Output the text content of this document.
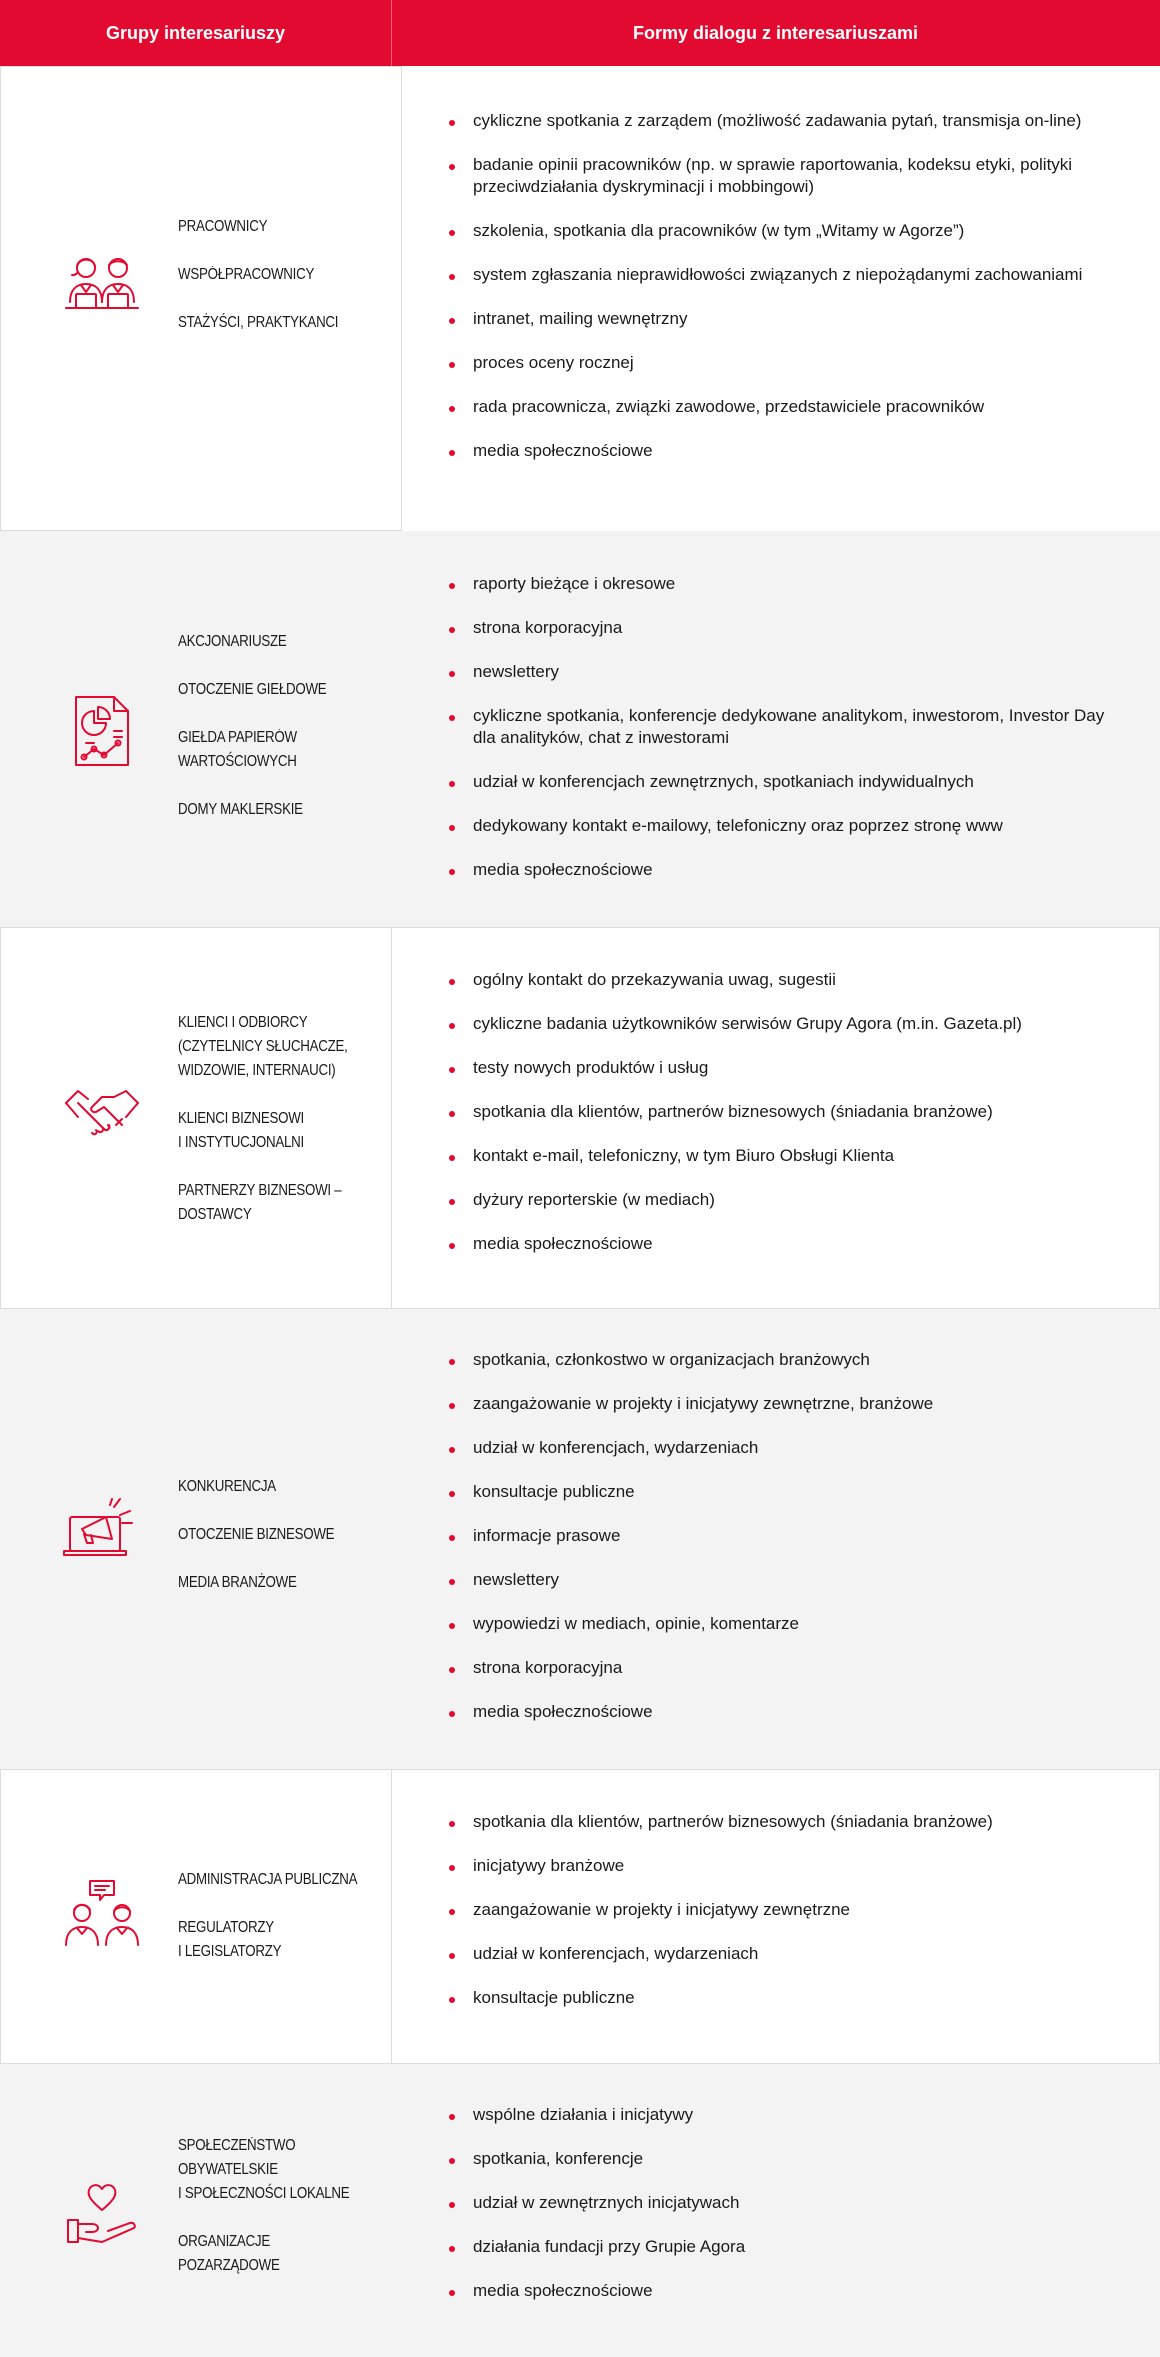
Grupy interesariuszy	Formy dialogu z interesariuszami
PRACOWNICY
WSPÓŁPRACOWNICY
STAŻYŚCI, PRAKTYKANCI
cykliczne spotkania z zarządem (możliwość zadawania pytań, transmisja on-line)
badanie opinii pracowników (np. w sprawie raportowania, kodeksu etyki, polityki przeciwdziałania dyskryminacji i mobbingowi)
szkolenia, spotkania dla pracowników (w tym „Witamy w Agorze”)
system zgłaszania nieprawidłowości związanych z niepożądanymi zachowaniami
intranet, mailing wewnętrzny
proces oceny rocznej
rada pracownicza, związki zawodowe, przedstawiciele pracowników
media społecznościowe
AKCJONARIUSZE
OTOCZENIE GIEŁDOWE
GIEŁDA PAPIERÓW
WARTOŚCIOWYCH
DOMY MAKLERSKIE
raporty bieżące i okresowe
strona korporacyjna
newslettery
cykliczne spotkania, konferencje dedykowane analitykom, inwestorom, Investor Day dla analityków, chat z inwestorami
udział w konferencjach zewnętrznych, spotkaniach indywidualnych
dedykowany kontakt e-mailowy, telefoniczny oraz poprzez stronę www
media społecznościowe
KLIENCI I ODBIORCY
(CZYTELNICY SŁUCHACZE,
WIDZOWIE, INTERNAUCI)
KLIENCI BIZNESOWI
I INSTYTUCJONALNI
PARTNERZY BIZNESOWI –
DOSTAWCY
ogólny kontakt do przekazywania uwag, sugestii
cykliczne badania użytkowników serwisów Grupy Agora (m.in. Gazeta.pl)
testy nowych produktów i usług
spotkania dla klientów, partnerów biznesowych (śniadania branżowe)
kontakt e-mail, telefoniczny, w tym Biuro Obsługi Klienta
dyżury reporterskie (w mediach)
media społecznościowe
KONKURENCJA
OTOCZENIE BIZNESOWE
MEDIA BRANŻOWE
spotkania, członkostwo w organizacjach branżowych
zaangażowanie w projekty i inicjatywy zewnętrzne, branżowe
udział w konferencjach, wydarzeniach
konsultacje publiczne
informacje prasowe
newslettery
wypowiedzi w mediach, opinie, komentarze
strona korporacyjna
media społecznościowe
ADMINISTRACJA PUBLICZNA
REGULATORZY
I LEGISLATORZY
spotkania dla klientów, partnerów biznesowych (śniadania branżowe)
inicjatywy branżowe
zaangażowanie w projekty i inicjatywy zewnętrzne
udział w konferencjach, wydarzeniach
konsultacje publiczne
SPOŁECZEŃSTWO
OBYWATELSKIE
I SPOŁECZNOŚCI LOKALNE
ORGANIZACJE
POZARZĄDOWE
wspólne działania i inicjatywy
spotkania, konferencje
udział w zewnętrznych inicjatywach
działania fundacji przy Grupie Agora
media społecznościowe
